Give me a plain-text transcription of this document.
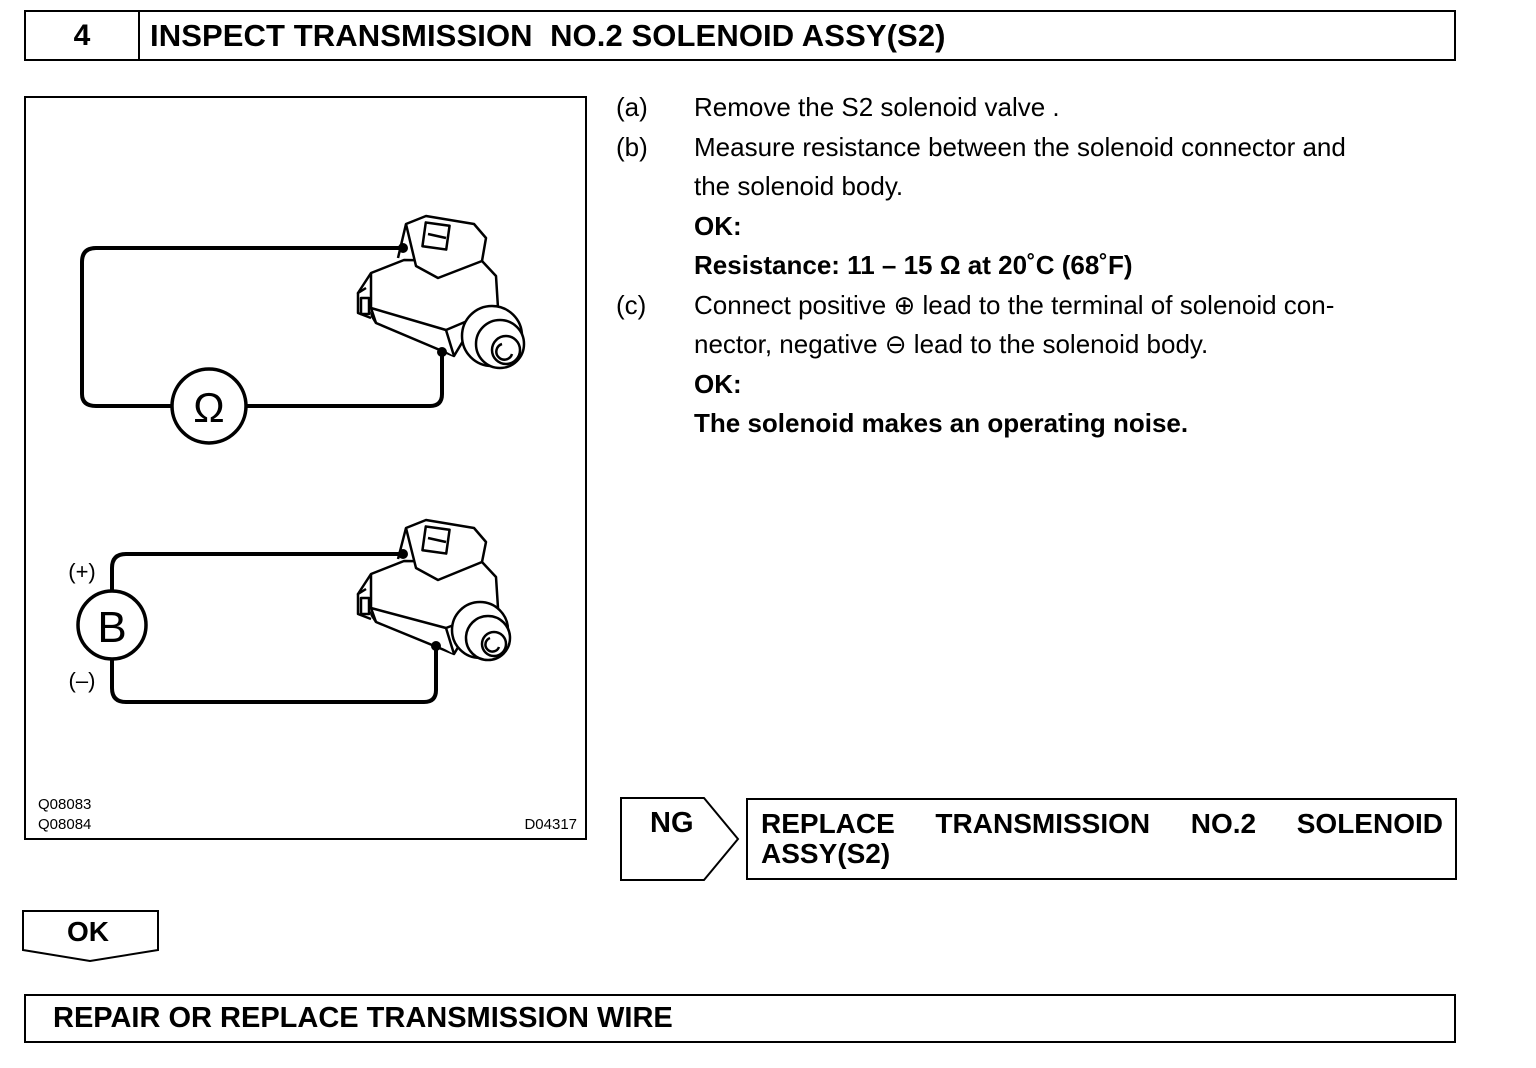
4	INSPECT TRANSMISSION  NO.2 SOLENOID ASSY(S2)
Ω
B
(+)
(–)
Q08083
Q08084	D04317
(a)	Remove the S2 solenoid valve .
(b)	Measure resistance between the solenoid connector and
the solenoid body.
OK:
Resistance: 11 – 15 Ω at 20˚C (68˚F)
(c)	Connect positive ⊕ lead to the terminal of solenoid con-
nector, negative ⊖ lead to the solenoid body.
OK:
The solenoid makes an operating noise.
NG REPLACE TRANSMISSION NO.2 SOLENOID
ASSY(S2)
OK
REPAIR OR REPLACE TRANSMISSION WIRE
